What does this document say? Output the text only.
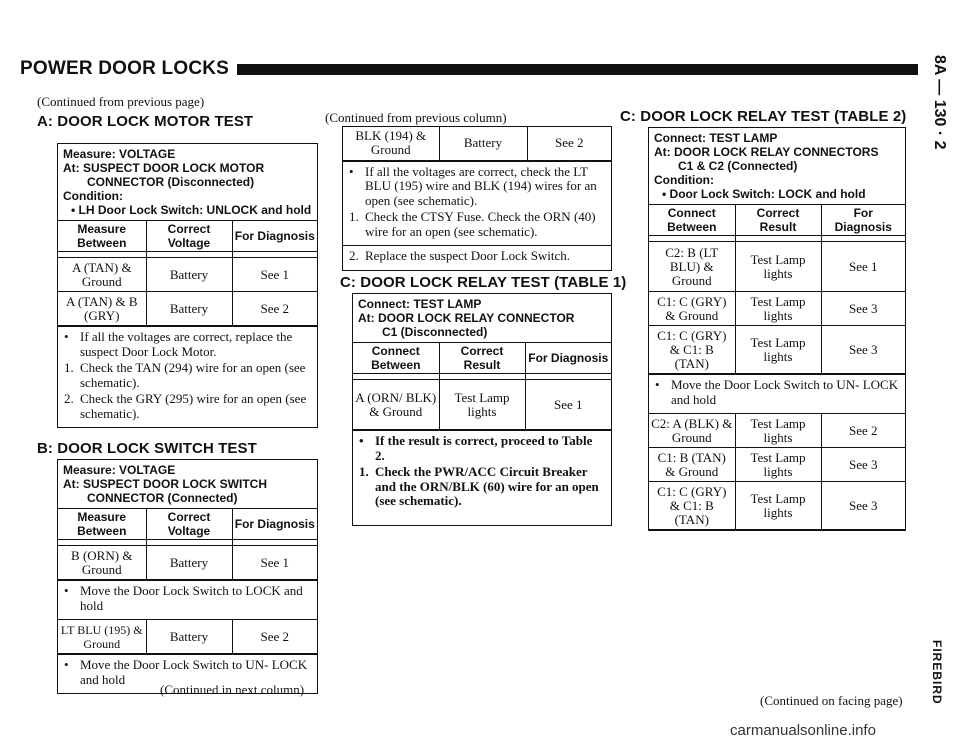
POWER DOOR LOCKS	8A — 130 · 2
FIREBIRD
(Continued from previous page)
A: DOOR LOCK MOTOR TEST
Measure: VOLTAGE
At: SUSPECT DOOR LOCK MOTOR
CONNECTOR (Disconnected)
Condition:
• LH Door Lock Switch: UNLOCK and hold
Measure Between	Correct Voltage	For Diagnosis

A (TAN) & Ground	Battery	See 1
A (TAN) & B (GRY)	Battery	See 2
• If all the voltages are correct, replace the suspect Door Lock Motor.
1. Check the TAN (294) wire for an open (see schematic).
2. Check the GRY (295) wire for an open (see schematic).
B: DOOR LOCK SWITCH TEST
Measure: VOLTAGE
At: SUSPECT DOOR LOCK SWITCH
CONNECTOR (Connected)
Measure Between	Correct Voltage	For Diagnosis

B (ORN) & Ground	Battery	See 1
• Move the Door Lock Switch to LOCK and hold
LT BLU (195) & Ground	Battery	See 2
• Move the Door Lock Switch to UN- LOCK and hold
(Continued in next column)
(Continued from previous column)
BLK (194) & Ground	Battery	See 2
• If all the voltages are correct, check the LT BLU (195) wire and BLK (194) wires for an open (see schematic).
1. Check the CTSY Fuse. Check the ORN (40) wire for an open (see schematic).
2. Replace the suspect Door Lock Switch.
C: DOOR LOCK RELAY TEST (TABLE 1)
Connect: TEST LAMP
At: DOOR LOCK RELAY CONNECTOR
C1 (Disconnected)
Connect Between	Correct Result	For Diagnosis

A (ORN/ BLK) & Ground	Test Lamp lights	See 1
• If the result is correct, proceed to Table 2.
1. Check the PWR/ACC Circuit Breaker and the ORN/BLK (60) wire for an open (see schematic).
C: DOOR LOCK RELAY TEST (TABLE 2)
Connect: TEST LAMP
At: DOOR LOCK RELAY CONNECTORS
C1 & C2 (Connected)
Condition:
• Door Lock Switch: LOCK and hold
Connect Between	Correct Result	For Diagnosis

C2: B (LT BLU) & Ground	Test Lamp lights	See 1
C1: C (GRY) & Ground	Test Lamp lights	See 3
C1: C (GRY) & C1: B (TAN)	Test Lamp lights	See 3
• Move the Door Lock Switch to UN- LOCK and hold
C2: A (BLK) & Ground	Test Lamp lights	See 2
C1: B (TAN) & Ground	Test Lamp lights	See 3
C1: C (GRY) & C1: B (TAN)	Test Lamp lights	See 3
(Continued on facing page)
carmanualsonline.info
